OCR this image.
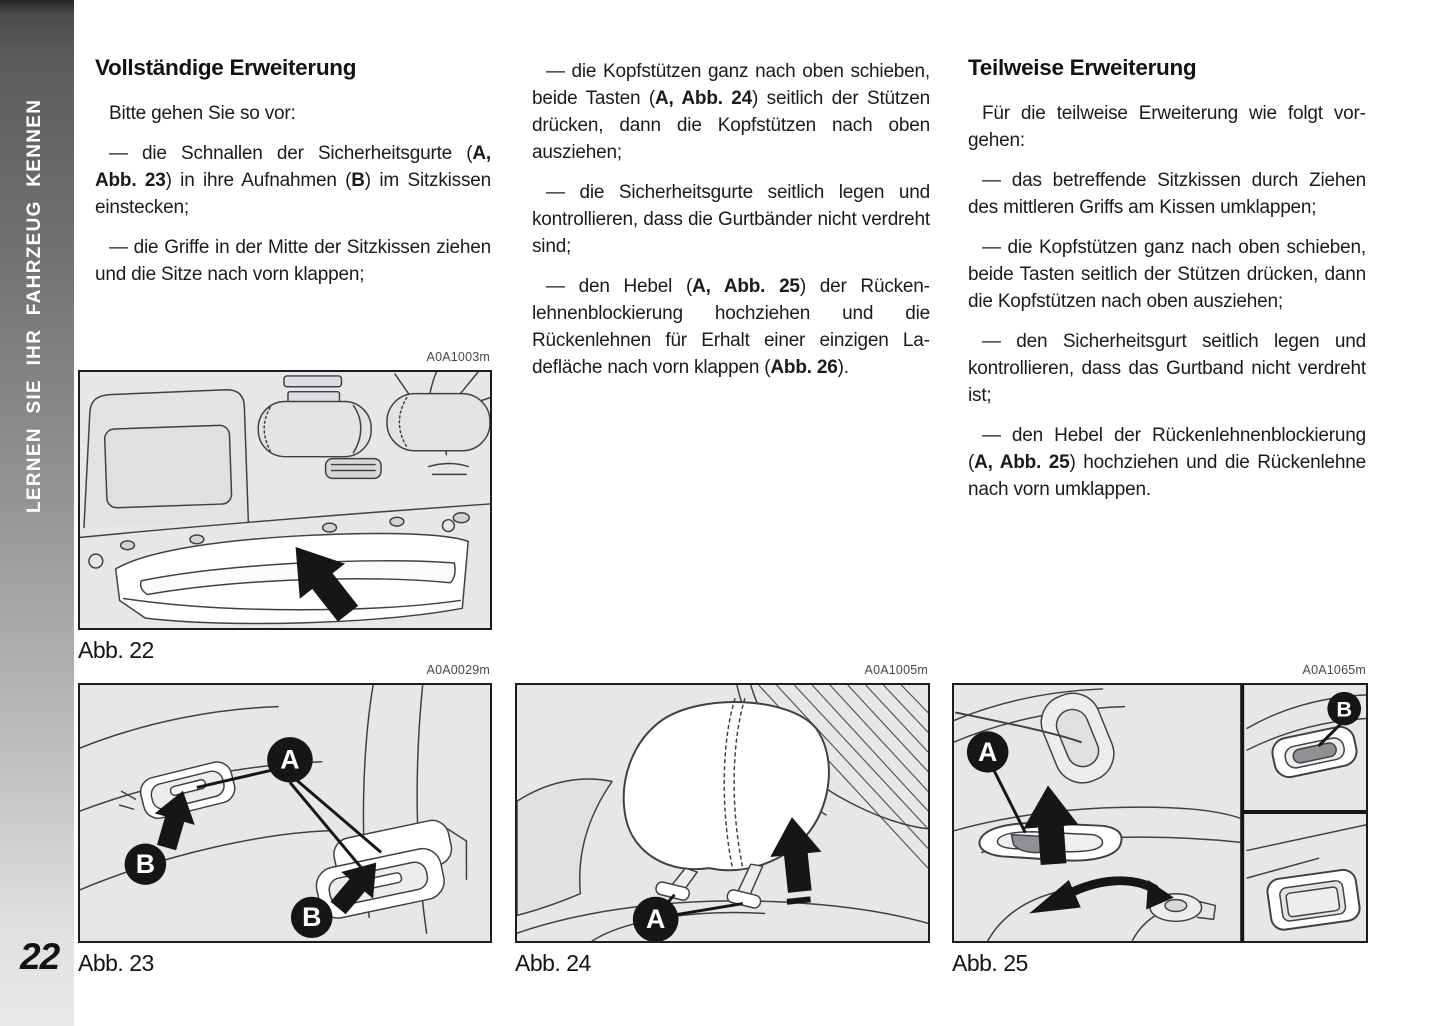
LERNEN SIE IHR FAHRZEUG KENNEN
22
Vollständige Erweiterung

Bitte gehen Sie so vor:

— die Schnallen der Sicherheitsgurte (A, Abb. 23) in ihre Aufnahmen (B) im Sitzkissen einstecken;

— die Griffe in der Mitte der Sitzkissen ziehen und die Sitze nach vorn klappen;

— die Kopfstützen ganz nach oben schieben, beide Tasten (A, Abb. 24) seitlich der Stützen drücken, dann die Kopfstützen nach oben ausziehen;

— die Sicherheitsgurte seitlich legen und kontrollieren, dass die Gurtbänder nicht verdreht sind;

— den Hebel (A, Abb. 25) der Rückenlehnenblockierung hochziehen und die Rückenlehnen für Erhalt einer einzigen Ladefläche nach vorn klappen (Abb. 26).

Teilweise Erweiterung

Für die teilweise Erweiterung wie folgt vorgehen:

— das betreffende Sitzkissen durch Ziehen des mittleren Griffs am Kissen umklappen;

— die Kopfstützen ganz nach oben schieben, beide Tasten seitlich der Stützen drücken, dann die Kopfstützen nach oben ausziehen;

— den Sicherheitsgurt seitlich legen und kontrollieren, dass das Gurtband nicht verdreht ist;

— den Hebel der Rückenlehnenblockierung (A, Abb. 25) hochziehen und die Rückenlehne nach vorn umklappen.

A0A1003m
Abb. 22
A0A0029m
A
B
B
Abb. 23
A0A1005m
A
Abb. 24
A0A1065m
A
B
Abb. 25
